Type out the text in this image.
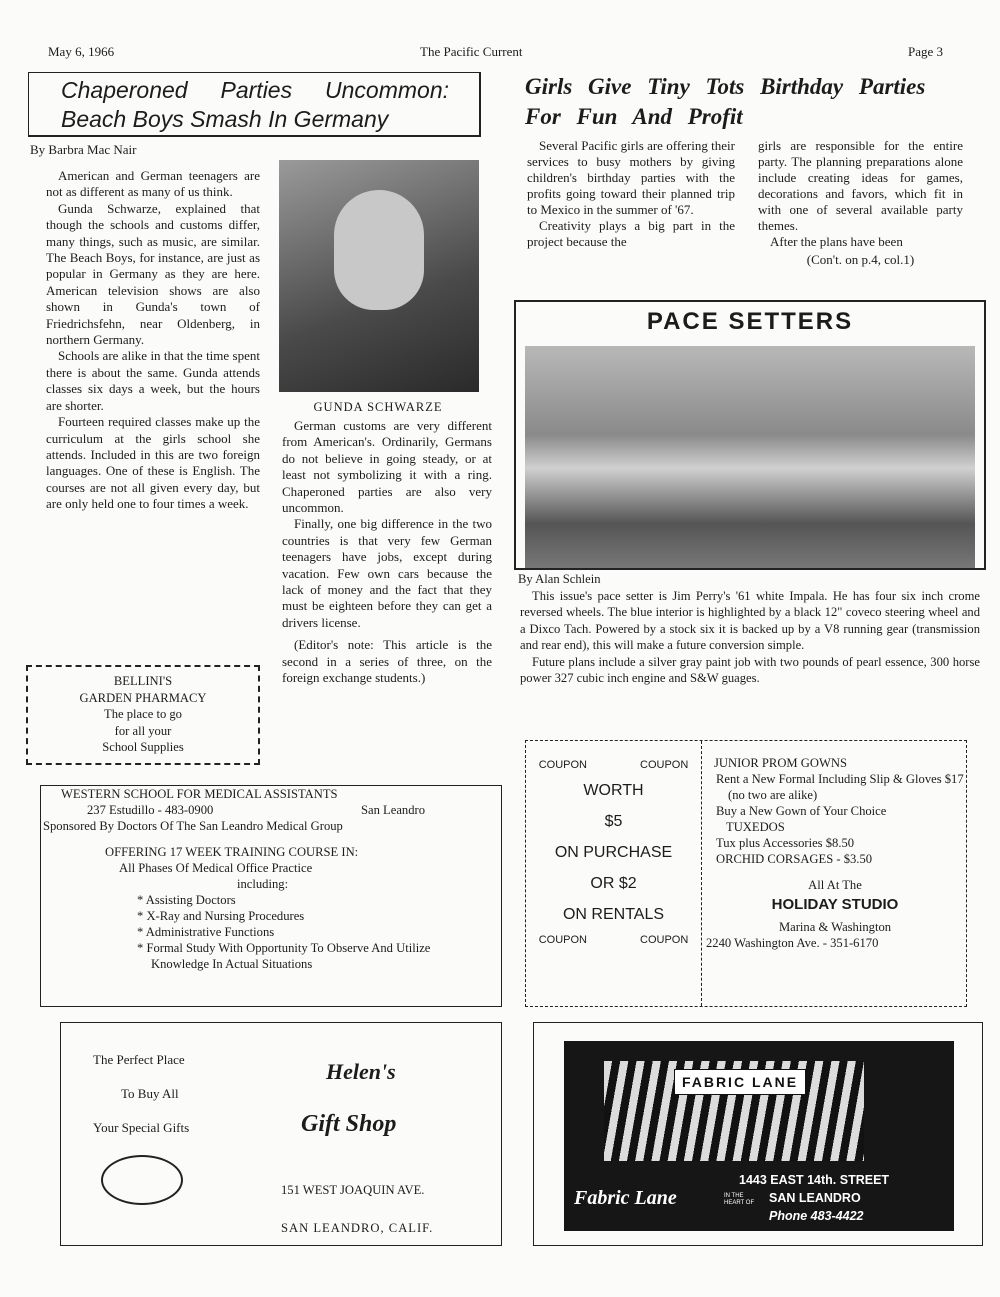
May 6, 1966	The Pacific Current	Page 3
Chaperoned Parties Uncommon: Beach Boys Smash In Germany
By Barbra Mac Nair

American and German teenagers are not as different as many of us think.

Gunda Schwarze, explained that though the schools and customs differ, many things, such as music, are similar. The Beach Boys, for instance, are just as popular in Germany as they are here. American television shows are also shown in Gunda's town of Friedrichsfehn, near Oldenberg, in northern Germany.

Schools are alike in that the time spent there is about the same. Gunda attends classes six days a week, but the hours are shorter.

Fourteen required classes make up the curriculum at the girls school she attends. Included in this are two foreign languages. One of these is English. The courses are not all given every day, but are only held one to four times a week.

GUNDA SCHWARZE

German customs are very different from American's. Ordinarily, Germans do not believe in going steady, or at least not symbolizing it with a ring. Chaperoned parties are also very uncommon.

Finally, one big difference in the two countries is that very few German teenagers have jobs, except during vacation. Few own cars because the lack of money and the fact that they must be eighteen before they can get a drivers license.

(Editor's note: This article is the second in a series of three, on the foreign exchange students.)

Girls Give Tiny Tots Birthday Parties For Fun And Profit

Several Pacific girls are offering their services to busy mothers by giving children's birthday parties with the profits going toward their planned trip to Mexico in the summer of '67.

Creativity plays a big part in the project because the

girls are responsible for the entire party. The planning preparations alone include creating ideas for games, decorations and favors, which fit in with one of several available party themes.

After the plans have been

(Con't. on p.4, col.1)
PACE SETTERS
By Alan Schlein

This issue's pace setter is Jim Perry's '61 white Impala. He has four six inch crome reversed wheels. The blue interior is highlighted by a black 12" coveco steering wheel and a Dixco Tach. Powered by a stock six it is backed up by a V8 running gear (transmission and rear end), this will make a future conversion simple.

Future plans include a silver gray paint job with two pounds of pearl essence, 300 horse power 327 cubic inch engine and S&W guages.

BELLINI'S
GARDEN PHARMACY
The place to go
for all your
School Supplies
WESTERN SCHOOL FOR MEDICAL ASSISTANTS
237 Estudillo - 483-0900	San Leandro
Sponsored By Doctors Of The San Leandro Medical Group
OFFERING 17 WEEK TRAINING COURSE IN:
All Phases Of Medical Office Practice
including:
* Assisting Doctors
* X-Ray and Nursing Procedures
* Administrative Functions
* Formal Study With Opportunity To Observe And Utilize Knowledge In Actual Situations
COUPON	COUPON
WORTH
$5
ON PURCHASE
OR $2
ON RENTALS
COUPON	COUPON
JUNIOR PROM GOWNS
Rent a New Formal Including Slip & Gloves $17
(no two are alike)
Buy a New Gown of Your Choice
TUXEDOS
Tux plus Accessories $8.50
ORCHID CORSAGES - $3.50
All At The
HOLIDAY STUDIO
Marina & Washington
2240 Washington Ave. - 351-6170
The Perfect Place
To Buy All
Your Special Gifts
Helen's
Gift Shop
151 WEST JOAQUIN AVE.
SAN LEANDRO, CALIF.
FABRIC LANE
Fabric Lane
1443 EAST 14th. STREET
IN THE HEART OF	SAN LEANDRO
Phone 483-4422
